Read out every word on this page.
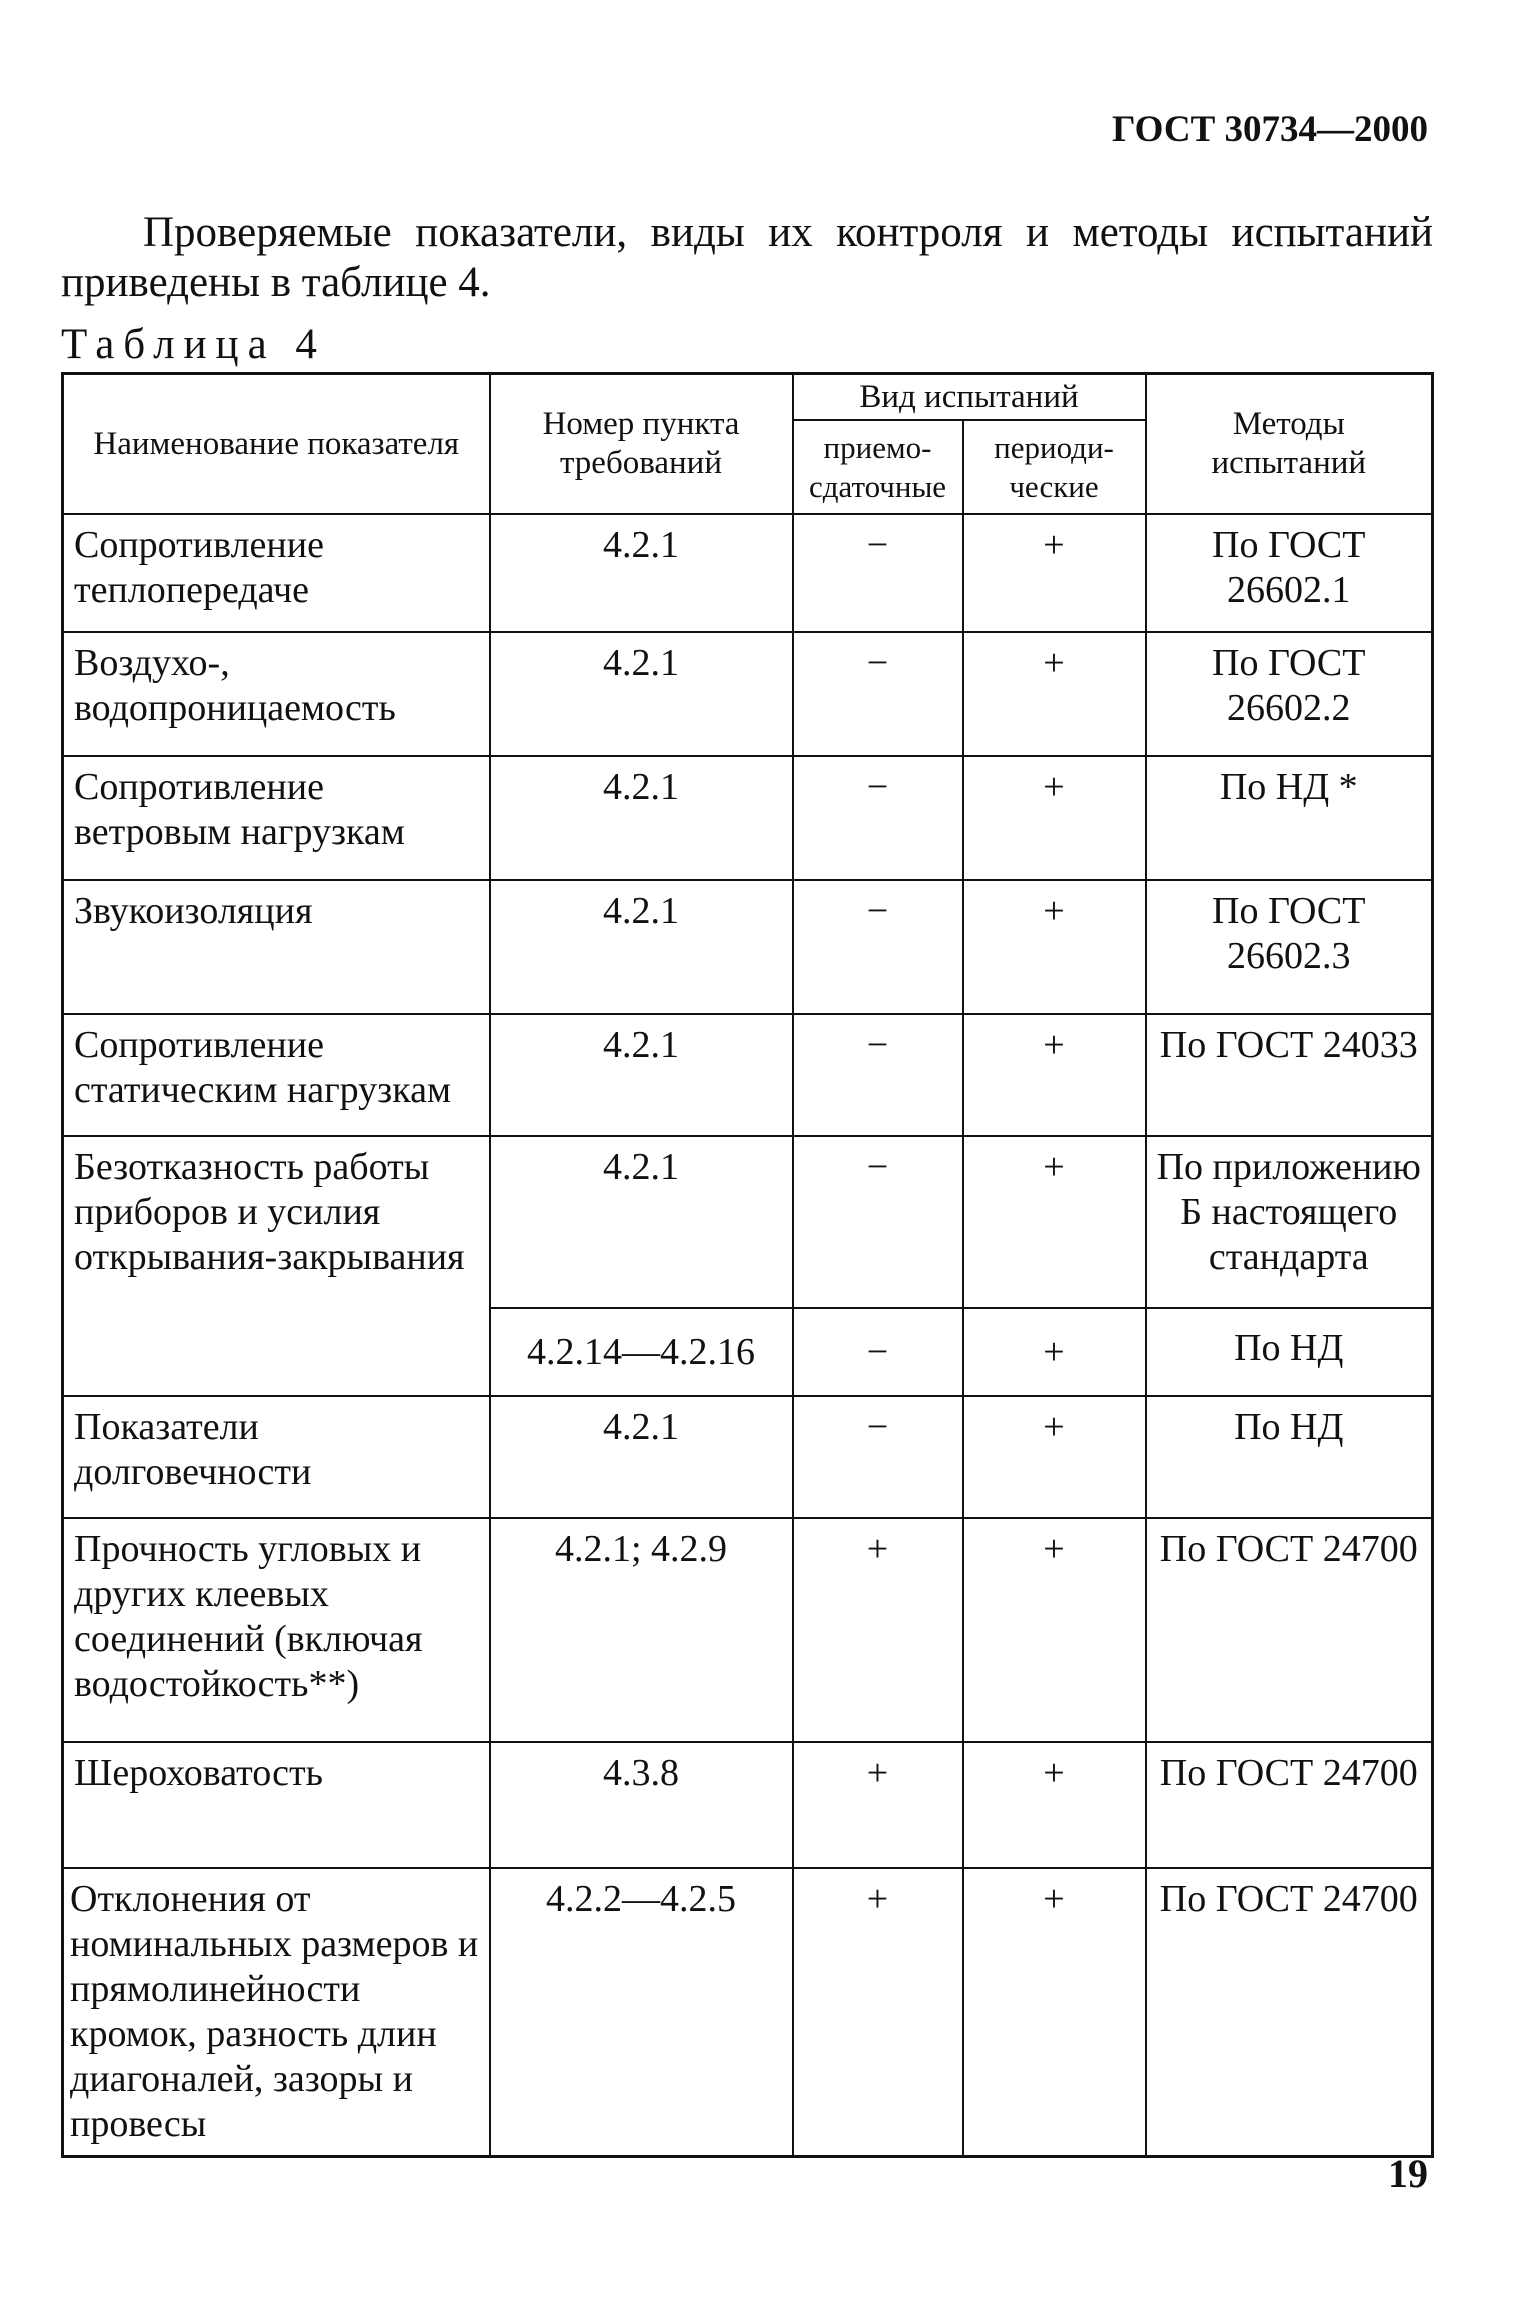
ГОСТ 30734—2000
Проверяемые показатели, виды их контроля и методы испытаний приведены в таблице 4.
Таблица 4
Наименование показателя	Номер пункта требований	Вид испытаний		Методы испытаний
		приемо-сдаточные	периоди-ческие	
Сопротивление теплопередаче	4.2.1	−	+	По ГОСТ 26602.1
Воздухо-, водопроницаемость	4.2.1	−	+	По ГОСТ 26602.2
Сопротивление ветровым нагрузкам	4.2.1	−	+	По НД *
Звукоизоляция	4.2.1	−	+	По ГОСТ 26602.3
Сопротивление статическим нагрузкам	4.2.1	−	+	По ГОСТ 24033
Безотказность работы приборов и усилия открывания-закрывания	4.2.1	−	+	По приложению Б настоящего стандарта
	4.2.14—4.2.16	−	+	По НД
Показатели долговечности	4.2.1	−	+	По НД
Прочность угловых и других клеевых соединений (включая водостойкость**)	4.2.1; 4.2.9	+	+	По ГОСТ 24700
Шероховатость	4.3.8	+	+	По ГОСТ 24700
Отклонения от номинальных размеров и прямолинейности кромок, разность длин диагоналей, зазоры и провесы	4.2.2—4.2.5	+	+	По ГОСТ 24700
19
